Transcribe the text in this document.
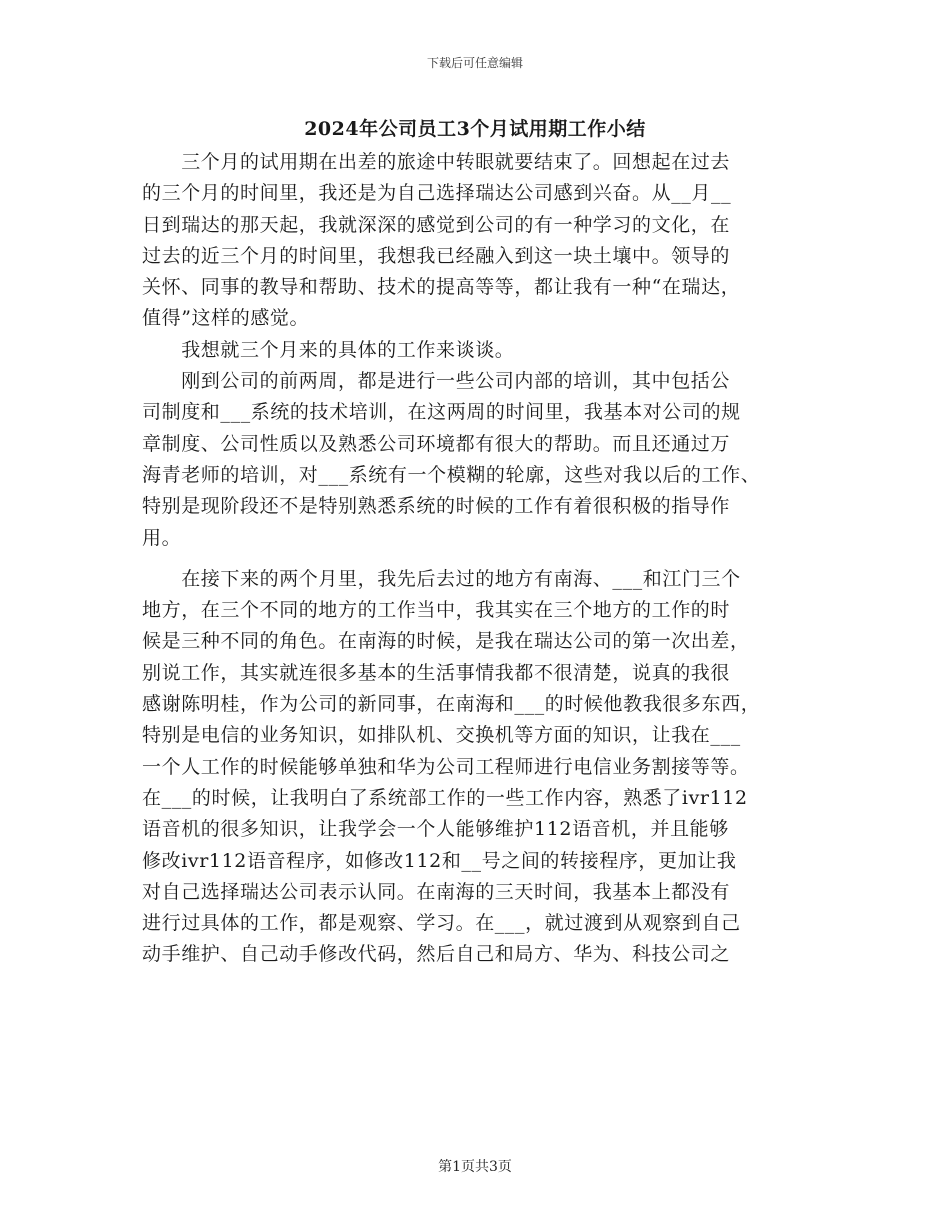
下载后可任意编辑
2024年公司员工3个月试用期工作小结
　　三个月的试用期在出差的旅途中转眼就要结束了。回想起在过去
的三个月的时间里，我还是为自己选择瑞达公司感到兴奋。从__月__
日到瑞达的那天起，我就深深的感觉到公司的有一种学习的文化，在
过去的近三个月的时间里，我想我已经融入到这一块土壤中。领导的
关怀、同事的教导和帮助、技术的提高等等，都让我有一种“在瑞达，
值得”这样的感觉。
　　我想就三个月来的具体的工作来谈谈。
　　刚到公司的前两周，都是进行一些公司内部的培训，其中包括公
司制度和___系统的技术培训，在这两周的时间里，我基本对公司的规
章制度、公司性质以及熟悉公司环境都有很大的帮助。而且还通过万
海青老师的培训，对___系统有一个模糊的轮廓，这些对我以后的工作、
特别是现阶段还不是特别熟悉系统的时候的工作有着很积极的指导作
用。
　　在接下来的两个月里，我先后去过的地方有南海、___和江门三个
地方，在三个不同的地方的工作当中，我其实在三个地方的工作的时
候是三种不同的角色。在南海的时候，是我在瑞达公司的第一次出差，
别说工作，其实就连很多基本的生活事情我都不很清楚，说真的我很
感谢陈明桂，作为公司的新同事，在南海和___的时候他教我很多东西，
特别是电信的业务知识，如排队机、交换机等方面的知识，让我在___
一个人工作的时候能够单独和华为公司工程师进行电信业务割接等等。
在___的时候，让我明白了系统部工作的一些工作内容，熟悉了ivr112
语音机的很多知识，让我学会一个人能够维护112语音机，并且能够
修改ivr112语音程序，如修改112和__号之间的转接程序，更加让我
对自己选择瑞达公司表示认同。在南海的三天时间，我基本上都没有
进行过具体的工作，都是观察、学习。在___，就过渡到从观察到自己
动手维护、自己动手修改代码，然后自己和局方、华为、科技公司之
第1页共3页
